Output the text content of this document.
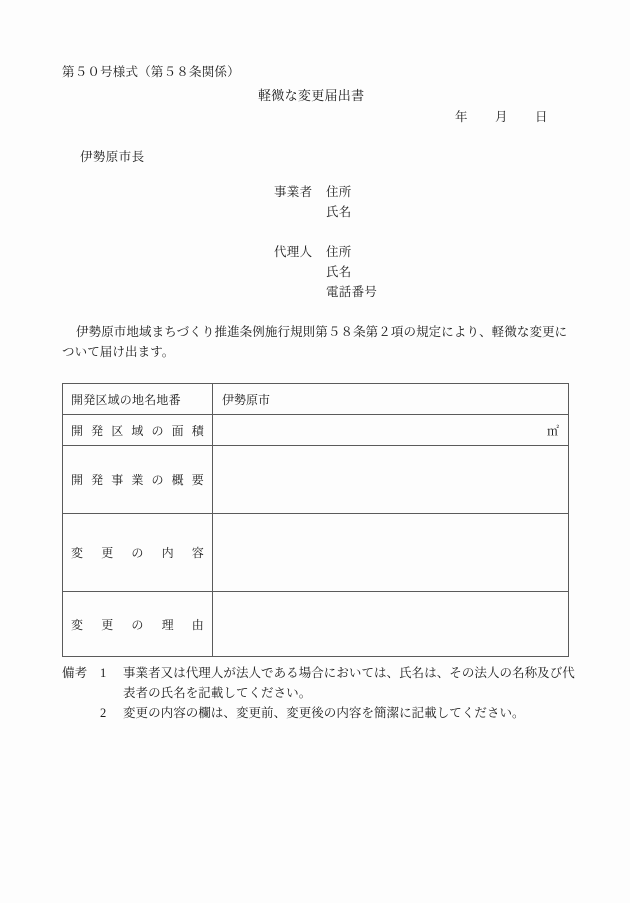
第５０号様式（第５８条関係）
軽微な変更届出書
年 月 日
伊勢原市長
事業者	住所
氏名
代理人	住所
氏名
電話番号
伊勢原市地域まちづくり推進条例施行規則第５８条第２項の規定により、軽微な変更に
ついて届け出ます。
開発区域の地名地番	伊勢原市

開発区域の面積	㎡

開発事業の概要	

変更の内容	

変更の理由	

備考	1	事業者又は代理人が法人である場合においては、氏名は、その法人の名称及び代表者の氏名を記載してください。
2	変更の内容の欄は、変更前、変更後の内容を簡潔に記載してください。
